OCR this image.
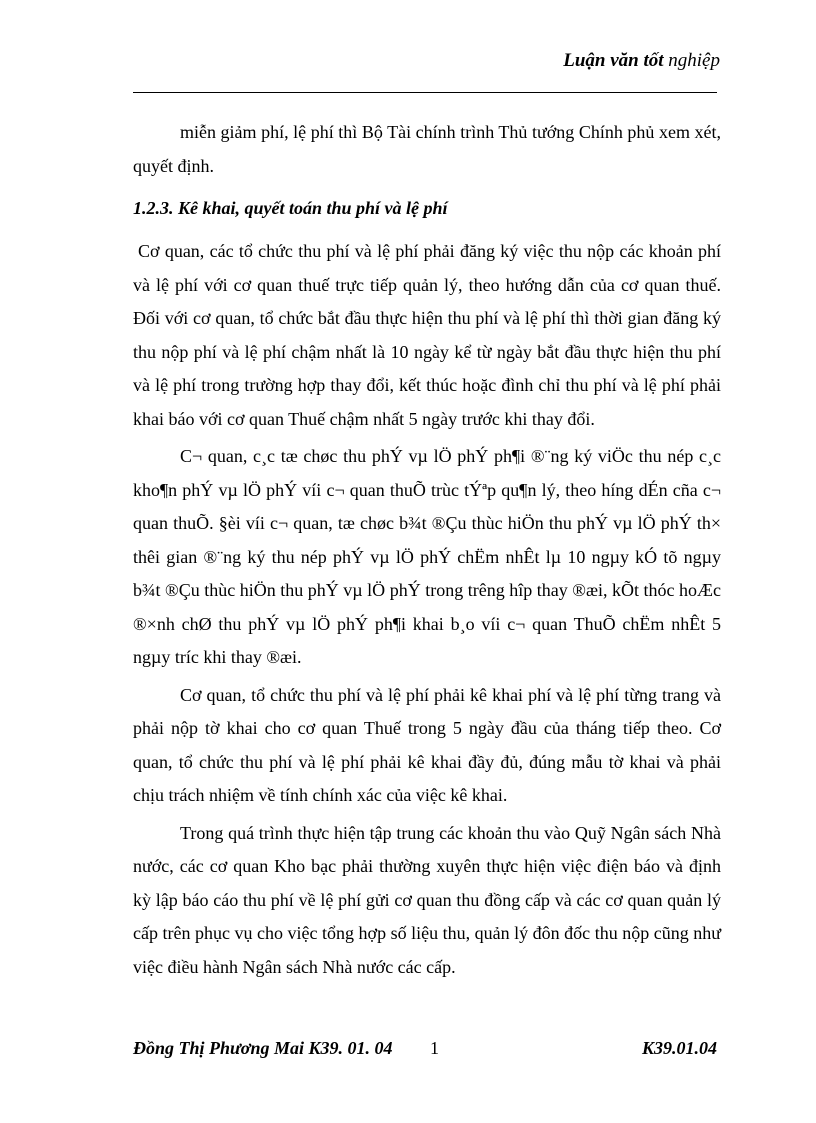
Luận văn tốt nghiệp

miễn giảm phí, lệ phí thì Bộ Tài chính trình Thủ tướng Chính phủ xem xét, quyết định.

1.2.3. Kê khai, quyết toán thu phí và lệ phí

Cơ quan, các tổ chức thu phí và lệ phí phải đăng ký việc thu nộp các khoản phí và lệ phí với cơ quan thuế trực tiếp quản lý, theo hướng dẫn của cơ quan thuế. Đối với cơ quan, tổ chức bắt đầu thực hiện thu phí và lệ phí thì thời gian đăng ký thu nộp phí và lệ phí chậm nhất là 10 ngày kể từ ngày bắt đầu thực hiện thu phí và lệ phí trong trường hợp thay đổi, kết thúc hoặc đình chỉ thu phí và lệ phí phải khai báo với cơ quan Thuế chậm nhất 5 ngày trước khi thay đổi.

C¬ quan, c¸c tæ chøc thu phÝ vµ lÖ phÝ ph¶i ®¨ng ký viÖc thu nép c¸c kho¶n phÝ vµ lÖ phÝ víi c¬ quan thuÕ trùc tÝªp qu¶n lý, theo híng dÉn cña c¬ quan thuÕ. §èi víi c¬ quan, tæ chøc b¾t ®Çu thùc hiÖn thu phÝ vµ lÖ phÝ th× thêi gian ®¨ng ký thu nép phÝ vµ lÖ phÝ chËm nhÊt lµ 10 ngµy kÓ tõ ngµy b¾t ®Çu thùc hiÖn thu phÝ vµ lÖ phÝ trong trêng hîp thay ®æi, kÕt thóc hoÆc ®×nh chØ thu phÝ vµ lÖ phÝ ph¶i khai b¸o víi c¬ quan ThuÕ chËm nhÊt 5 ngµy tríc khi thay ®æi.

Cơ quan, tổ chức thu phí và lệ phí phải kê khai phí và lệ phí từng trang và phải nộp tờ khai cho cơ quan Thuế trong 5 ngày đầu của tháng tiếp theo. Cơ quan, tổ chức thu phí và lệ phí phải kê khai đầy đủ, đúng mẫu tờ khai và phải chịu trách nhiệm về tính chính xác của việc kê khai.

Trong quá trình thực hiện tập trung các khoản thu vào Quỹ Ngân sách Nhà nước, các cơ quan Kho bạc phải thường xuyên thực hiện việc điện báo và định kỳ lập báo cáo thu phí về lệ phí gửi cơ quan thu đồng cấp và các cơ quan quản lý cấp trên phục vụ cho việc tổng hợp số liệu thu, quản lý đôn đốc thu nộp cũng như việc điều hành Ngân sách Nhà nước các cấp.

Đồng Thị Phương Mai K39. 01. 04 1	K39.01.04
